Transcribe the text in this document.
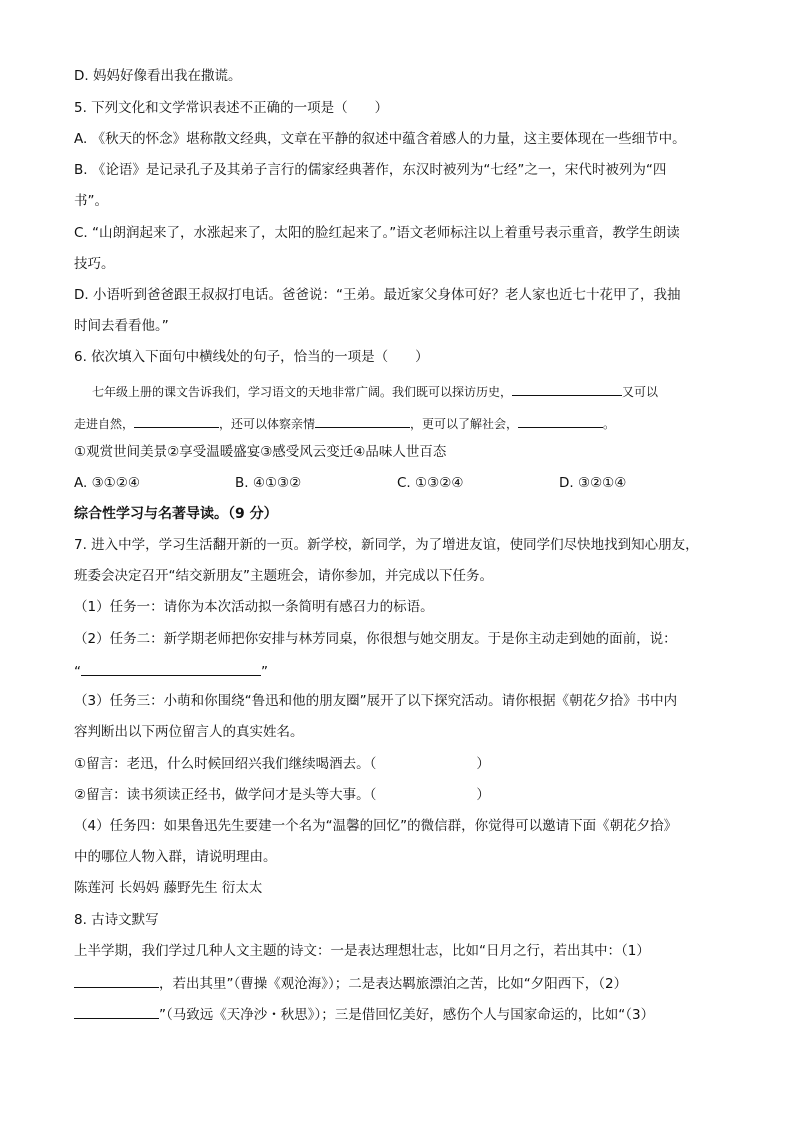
D. 妈妈好像看出我在撒谎。
5. 下列文化和文学常识表述不正确的一项是（　　）
A. 《秋天的怀念》堪称散文经典，文章在平静的叙述中蕴含着感人的力量，这主要体现在一些细节中。
B. 《论语》是记录孔子及其弟子言行的儒家经典著作，东汉时被列为“七经”之一，宋代时被列为“四
书”。
C. “山朗润起来了，水涨起来了，太阳的脸红起来了。”语文老师标注以上着重号表示重音，教学生朗读
技巧。
D. 小语听到爸爸跟王叔叔打电话。爸爸说：“王弟。最近家父身体可好？老人家也近七十花甲了，我抽
时间去看看他。”
6. 依次填入下面句中横线处的句子，恰当的一项是（　　）
七年级上册的课文告诉我们，学习语文的天地非常广阔。我们既可以探访历史，	又可以
走进自然，	，还可以体察亲情	，更可以了解社会，	。
①观赏世间美景②享受温暖盛宴③感受风云变迁④品味人世百态
A. ③①②④	B. ④①③②	C. ①③②④	D. ③②①④
综合性学习与名著导读。（9 分）
7. 进入中学，学习生活翻开新的一页。新学校，新同学，为了增进友谊，使同学们尽快地找到知心朋友，
班委会决定召开“结交新朋友”主题班会，请你参加，并完成以下任务。
（1）任务一：请你为本次活动拟一条简明有感召力的标语。
（2）任务二：新学期老师把你安排与林芳同桌，你很想与她交朋友。于是你主动走到她的面前，说：
“	”
（3）任务三：小萌和你围绕“鲁迅和他的朋友圈”展开了以下探究活动。请你根据《朝花夕拾》书中内
容判断出以下两位留言人的真实姓名。
①留言：老迅，什么时候回绍兴我们继续喝酒去。（	）
②留言：读书须读正经书，做学问才是头等大事。（	）
（4）任务四：如果鲁迅先生要建一个名为“温馨的回忆”的微信群，你觉得可以邀请下面《朝花夕拾》
中的哪位人物入群，请说明理由。
陈莲河 长妈妈 藤野先生 衍太太
8. 古诗文默写
上半学期，我们学过几种人文主题的诗文：一是表达理想壮志，比如“日月之行，若出其中：（1）
，若出其里”（曹操《观沧海》）；二是表达羁旅漂泊之苦，比如“夕阳西下，（2）
”（马致远《天净沙・秋思》）；三是借回忆美好，感伤个人与国家命运的，比如“（3）
